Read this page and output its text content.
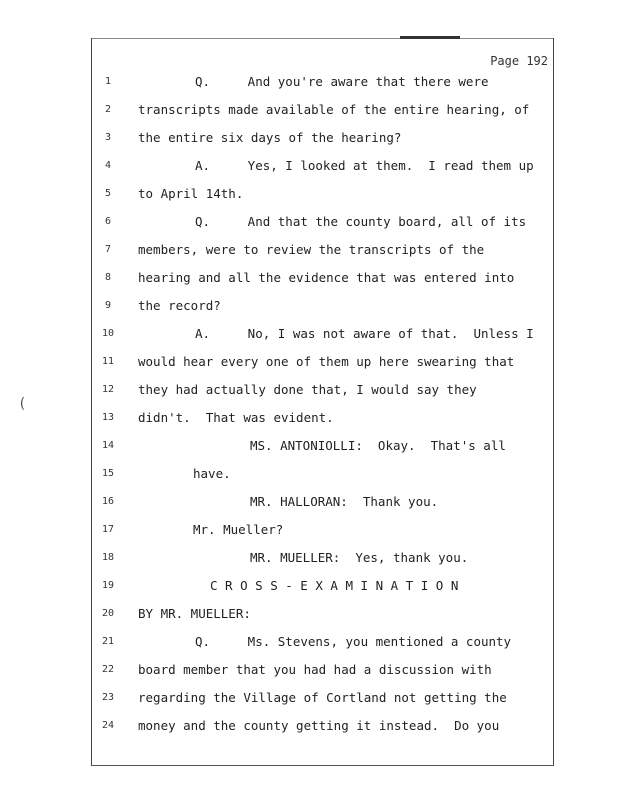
Page 192
(
1
2
3
4
5
6
7
8
9
10
11
12
13
14
15
16
17
18
19
20
21
22
23
24
Q.     And you're aware that there were
transcripts made available of the entire hearing, of
the entire six days of the hearing?
A.     Yes, I looked at them.  I read them up
to April 14th.
Q.     And that the county board, all of its
members, were to review the transcripts of the
hearing and all the evidence that was entered into
the record?
A.     No, I was not aware of that.  Unless I
would hear every one of them up here swearing that
they had actually done that, I would say they
didn't.  That was evident.
MS. ANTONIOLLI:  Okay.  That's all
have.
MR. HALLORAN:  Thank you.
Mr. Mueller?
MR. MUELLER:  Yes, thank you.
C R O S S - E X A M I N A T I O N
BY MR. MUELLER:
Q.     Ms. Stevens, you mentioned a county
board member that you had had a discussion with
regarding the Village of Cortland not getting the
money and the county getting it instead.  Do you
